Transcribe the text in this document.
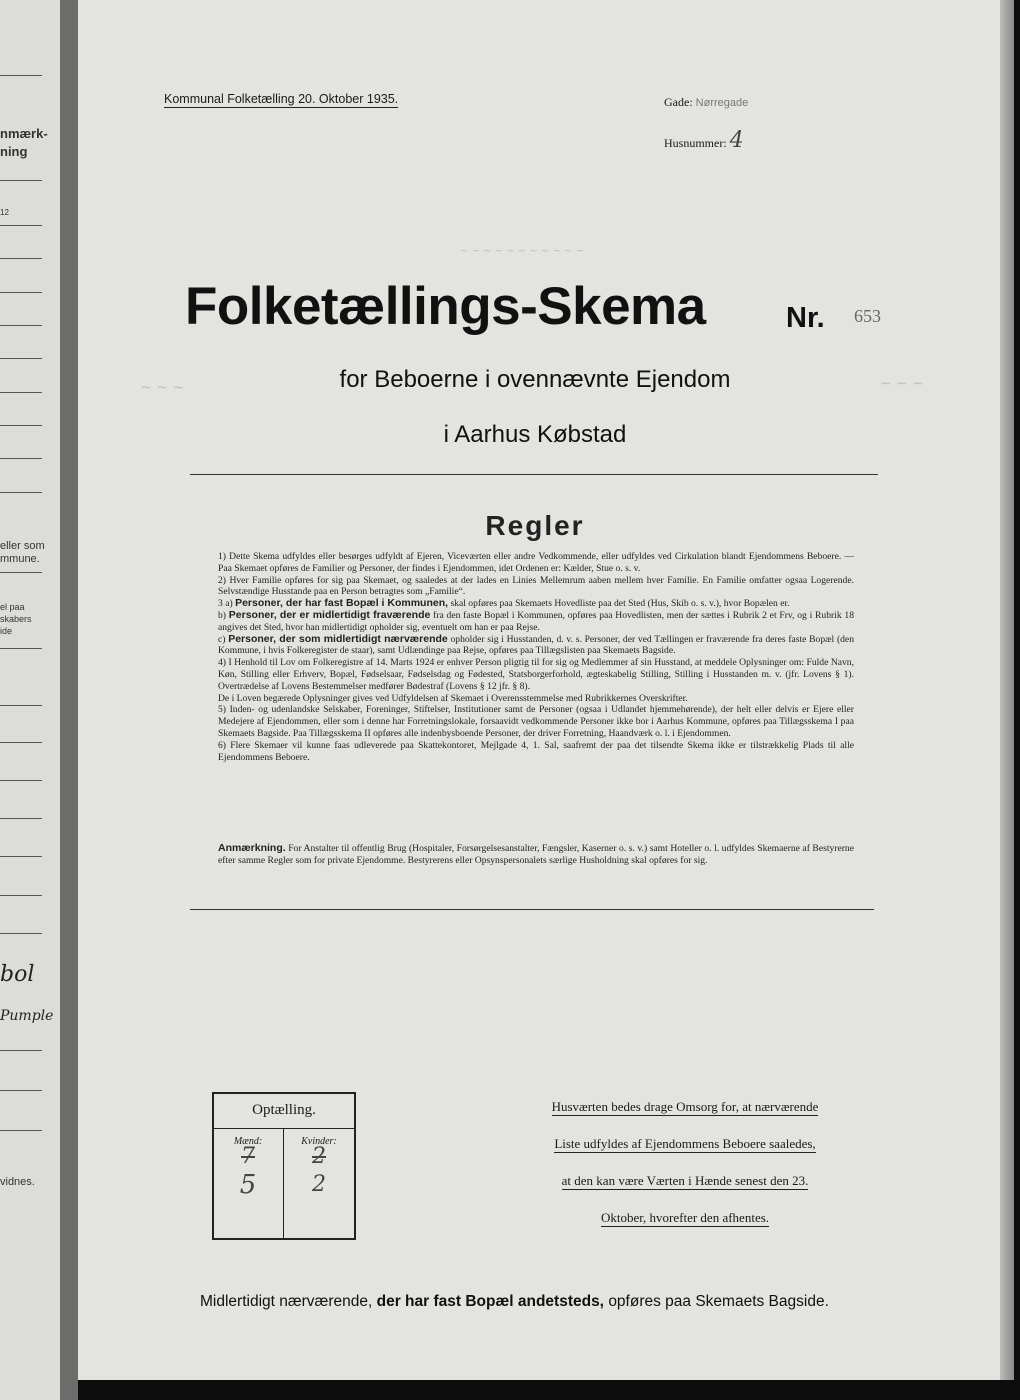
nmærk-
ning
12
eller som
mmune.
el paa
skabers
ide
bol
Pumple
vidnes.
~ ~ ~ ~ ~ ~ ~ ~ ~ ~ ~
~ ~ ~	~ ~ ~
Kommunal Folketælling 20. Oktober 1935.	Gade: Nørregade
Husnummer: 4
Folketællings-Skema	Nr. 653
for Beboerne i ovennævnte Ejendom
i Aarhus Købstad
Regler

1) Dette Skema udfyldes eller besørges udfyldt af Ejeren, Viceværten eller andre Vedkommende, eller udfyldes ved Cirkulation blandt Ejendommens Beboere. — Paa Skemaet opføres de Familier og Personer, der findes i Ejendommen, idet Ordenen er: Kælder, Stue o. s. v.

2) Hver Familie opføres for sig paa Skemaet, og saaledes at der lades en Linies Mellemrum aaben mellem hver Familie. En Familie omfatter ogsaa Logerende. Selvstændige Husstande paa en Person betragtes som „Familie“.

3 a) Personer, der har fast Bopæl i Kommunen, skal opføres paa Skemaets Hovedliste paa det Sted (Hus, Skib o. s. v.), hvor Bopælen er.

b) Personer, der er midlertidigt fraværende fra den faste Bopæl i Kommunen, opføres paa Hovedlisten, men der sættes i Rubrik 2 et Frv, og i Rubrik 18 angives det Sted, hvor han midlertidigt opholder sig, eventuelt om han er paa Rejse.

c) Personer, der som midlertidigt nærværende opholder sig i Husstanden, d. v. s. Personer, der ved Tællingen er fraværende fra deres faste Bopæl (den Kommune, i hvis Folkeregister de staar), samt Udlændinge paa Rejse, opføres paa Tillægslisten paa Skemaets Bagside.

4) I Henhold til Lov om Folkeregistre af 14. Marts 1924 er enhver Person pligtig til for sig og Medlemmer af sin Husstand, at meddele Oplysninger om: Fulde Navn, Køn, Stilling eller Erhverv, Bopæl, Fødselsaar, Fødselsdag og Fødested, Statsborgerforhold, ægteskabelig Stilling, Stilling i Husstanden m. v. (jfr. Lovens § 1). Overtrædelse af Lovens Bestemmelser medfører Bødestraf (Lovens § 12 jfr. § 8).

De i Loven begærede Oplysninger gives ved Udfyldelsen af Skemaet i Overensstemmelse med Rubrikkernes Overskrifter.

5) Inden- og udenlandske Selskaber, Foreninger, Stiftelser, Institutioner samt de Personer (ogsaa i Udlandet hjemmehørende), der helt eller delvis er Ejere eller Medejere af Ejendommen, eller som i denne har Forretningslokale, forsaavidt vedkommende Personer ikke bor i Aarhus Kommune, opføres paa Tillægsskema I paa Skemaets Bagside. Paa Tillægsskema II opføres alle indenbysboende Personer, der driver Forretning, Haandværk o. l. i Ejendommen.

6) Flere Skemaer vil kunne faas udleverede paa Skattekontoret, Mejlgade 4, 1. Sal, saafremt der paa det tilsendte Skema ikke er tilstrækkelig Plads til alle Ejendommens Beboere.

Anmærkning. For Anstalter til offentlig Brug (Hospitaler, Forsørgelsesanstalter, Fængsler, Kaserner o. s. v.) samt Hoteller o. l. udfyldes Skemaerne af Bestyrerne efter samme Regler som for private Ejendomme. Bestyrerens eller Opsynspersonalets særlige Husholdning skal opføres for sig.
Optælling.
Mænd:	Kvinder:
7	2
5	2
Husværten bedes drage Omsorg for, at nærværende
Liste udfyldes af Ejendommens Beboere saaledes,
at den kan være Værten i Hænde senest den 23.
Oktober, hvorefter den afhentes.
Midlertidigt nærværende, der har fast Bopæl andetsteds, opføres paa Skemaets Bagside.
